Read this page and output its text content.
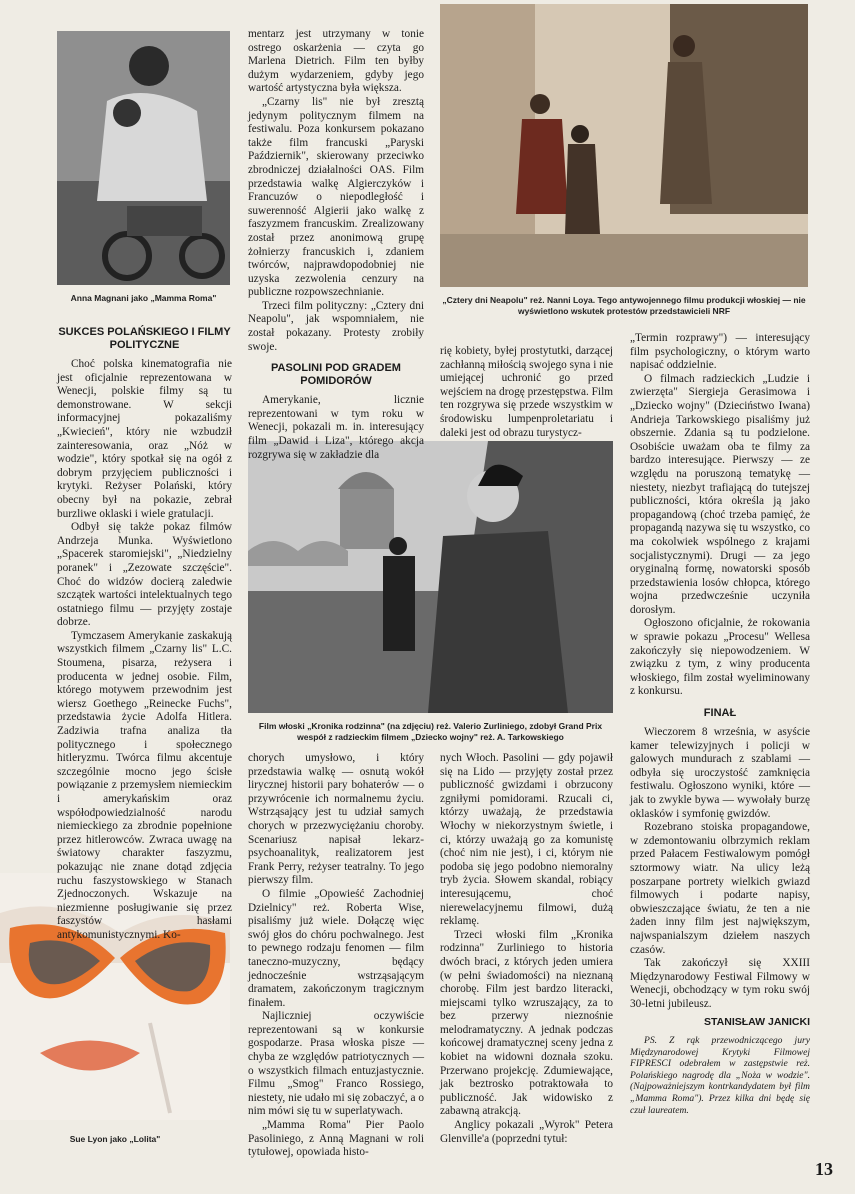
Anna Magnani jako „Mamma Roma"	„Cztery dni Neapolu" reż. Nanni Loya. Tego antywojennego filmu produkcji włoskiej — nie wyświetlono wskutek protestów przedstawicieli NRF
Film włoski „Kronika rodzinna" (na zdjęciu) reż. Valerio Zurliniego, zdobył Grand Prix wespół z radzieckim filmem „Dziecko wojny" reż. A. Tarkowskiego
Sue Lyon jako „Lolita"

SUKCES POLAŃSKIEGO I FILMY POLITYCZNE

Choć polska kinematografia nie jest oficjalnie reprezentowana w Wenecji, polskie filmy są tu demonstrowane. W sekcji informacyjnej pokazaliśmy „Kwiecień", który nie wzbudził zainteresowania, oraz „Nóż w wodzie", który spotkał się na ogół z dobrym przyjęciem publiczności i krytyki. Reżyser Polański, który obecny był na pokazie, zebrał burzliwe oklaski i wiele gratulacji.

Odbył się także pokaz filmów Andrzeja Munka. Wyświetlono „Spacerek staromiejski", „Niedzielny poranek" i „Zezowate szczęście". Choć do widzów docierą zaledwie szczątek wartości intelektualnych tego ostatniego filmu — przyjęty zostaje dobrze.

Tymczasem Amerykanie zaskakują wszystkich filmem „Czarny lis" L.C. Stoumena, pisarza, reżysera i producenta w jednej osobie. Film, którego motywem przewodnim jest wiersz Goethego „Reinecke Fuchs", przedstawia życie Adolfa Hitlera. Zadziwia trafna analiza tła politycznego i społecznego hitleryzmu. Twórca filmu akcentuje szczególnie mocno jego ścisłe powiązanie z przemysłem niemieckim i amerykańskim oraz współodpowiedzialność narodu niemieckiego za zbrodnie popełnione przez hitlerowców. Zwraca uwagę na światowy charakter faszyzmu, pokazując nie znane dotąd zdjęcia ruchu faszystowskiego w Stanach Zjednoczonych. Wskazuje na niezmienne posługiwanie się przez faszystów hasłami antykomunistycznymi. Ko-

mentarz jest utrzymany w tonie ostrego oskarżenia — czyta go Marlena Dietrich. Film ten byłby dużym wydarzeniem, gdyby jego wartość artystyczna była większa.

„Czarny lis" nie był zresztą jedynym politycznym filmem na festiwalu. Poza konkursem pokazano także film francuski „Paryski Październik", skierowany przeciwko zbrodniczej działalności OAS. Film przedstawia walkę Algierczyków i Francuzów o niepodległość i suwerenność Algierii jako walkę z faszyzmem francuskim. Zrealizowany został przez anonimową grupę żołnierzy francuskich i, zdaniem twórców, najprawdopodobniej nie uzyska zezwolenia cenzury na publiczne rozpowszechnianie.

Trzeci film polityczny: „Cztery dni Neapolu", jak wspomniałem, nie został pokazany. Protesty zrobiły swoje.

PASOLINI POD GRADEM POMIDORÓW

Amerykanie, licznie reprezentowani w tym roku w Wenecji, pokazali m. in. interesujący film „Dawid i Liza", którego akcja rozgrywa się w zakładzie dla

rię kobiety, byłej prostytutki, darzącej zachłanną miłością swojego syna i nie umiejącej uchronić go przed wejściem na drogę przestępstwa. Film ten rozgrywa się przede wszystkim w środowisku lumpenproletariatu i daleki jest od obrazu turystycz-

chorych umysłowo, i który przedstawia walkę — osnutą wokół lirycznej historii pary bohaterów — o przywrócenie ich normalnemu życiu. Wstrząsający jest tu udział samych chorych w przezwyciężaniu choroby. Scenariusz napisał lekarz-psychoanalityk, realizatorem jest Frank Perry, reżyser teatralny. To jego pierwszy film.

O filmie „Opowieść Zachodniej Dzielnicy" reż. Roberta Wise, pisaliśmy już wiele. Dołączę więc swój głos do chóru pochwalnego. Jest to pewnego rodzaju fenomen — film taneczno-muzyczny, będący jednocześnie wstrząsającym dramatem, zakończonym tragicznym finałem.

Najliczniej oczywiście reprezentowani są w konkursie gospodarze. Prasa włoska pisze — chyba ze względów patriotycznych — o wszystkich filmach entuzjastycznie. Filmu „Smog" Franco Rossiego, niestety, nie udało mi się zobaczyć, a o nim mówi się tu w superlatywach.

„Mamma Roma" Pier Paolo Pasoliniego, z Anną Magnani w roli tytułowej, opowiada histo-

nych Włoch. Pasolini — gdy pojawił się na Lido — przyjęty został przez publiczność gwizdami i obrzucony zgniłymi pomidorami. Rzucali ci, którzy uważają, że przedstawia Włochy w niekorzystnym świetle, i ci, którzy uważają go za komunistę (choć nim nie jest), i ci, którym nie podoba się jego podobno niemoralny tryb życia. Słowem skandal, robiący interesującemu, choć nierewelacyjnemu filmowi, dużą reklamę.

Trzeci włoski film „Kronika rodzinna" Zurliniego to historia dwóch braci, z których jeden umiera (w pełni świadomości) na nieznaną chorobę. Film jest bardzo literacki, miejscami tylko wzruszający, za to bez przerwy nieznośnie melodramatyczny. A jednak podczas końcowej dramatycznej sceny jedna z kobiet na widowni doznała szoku. Przerwano projekcję. Zdumiewające, jak beztrosko potraktowała to publiczność. Jak widowisko z zabawną atrakcją.

Anglicy pokazali „Wyrok" Petera Glenville'a (poprzedni tytuł:

„Termin rozprawy") — interesujący film psychologiczny, o którym warto napisać oddzielnie.

O filmach radzieckich „Ludzie i zwierzęta" Siergieja Gerasimowa i „Dziecko wojny" (Dzieciństwo Iwana) Andrieja Tarkowskiego pisaliśmy już obszernie. Zdania są tu podzielone. Osobiście uważam oba te filmy za bardzo interesujące. Pierwszy — ze względu na poruszoną tematykę — niestety, niezbyt trafiającą do tutejszej publiczności, która określa ją jako propagandową (choć trzeba pamięć, że propagandą nazywa się tu wszystko, co ma cokolwiek wspólnego z krajami socjalistycznymi). Drugi — za jego oryginalną formę, nowatorski sposób przedstawienia losów chłopca, którego wojna przedwcześnie uczyniła dorosłym.

Ogłoszono oficjalnie, że rokowania w sprawie pokazu „Procesu" Wellesa zakończyły się niepowodzeniem. W związku z tym, z winy producenta włoskiego, film został wyeliminowany z konkursu.

FINAŁ

Wieczorem 8 września, w asyście kamer telewizyjnych i policji w galowych mundurach z szablami — odbyła się uroczystość zamknięcia festiwalu. Ogłoszono wyniki, które — jak to zwykle bywa — wywołały burzę oklasków i symfonię gwizdów.

Rozebrano stoiska propagandowe, w zdemontowaniu olbrzymich reklam przed Pałacem Festiwalowym pomógł sztormowy wiatr. Na ulicy leżą poszarpane portrety wielkich gwiazd filmowych i podarte napisy, obwieszczające światu, że ten a nie żaden inny film jest największym, najwspanialszym dziełem naszych czasów.

Tak zakończył się XXIII Międzynarodowy Festiwal Filmowy w Wenecji, obchodzący w tym roku swój 30-letni jubileusz.

STANISŁAW JANICKI

PS. Z rąk przewodniczącego jury Międzynarodowej Krytyki Filmowej FIPRESCI odebrałem w zastępstwie reż. Polańskiego nagrodę dla „Noża w wodzie". (Najpoważniejszym kontrkandydatem był film „Mamma Roma"). Przez kilka dni będę się czuł laureatem.

13
